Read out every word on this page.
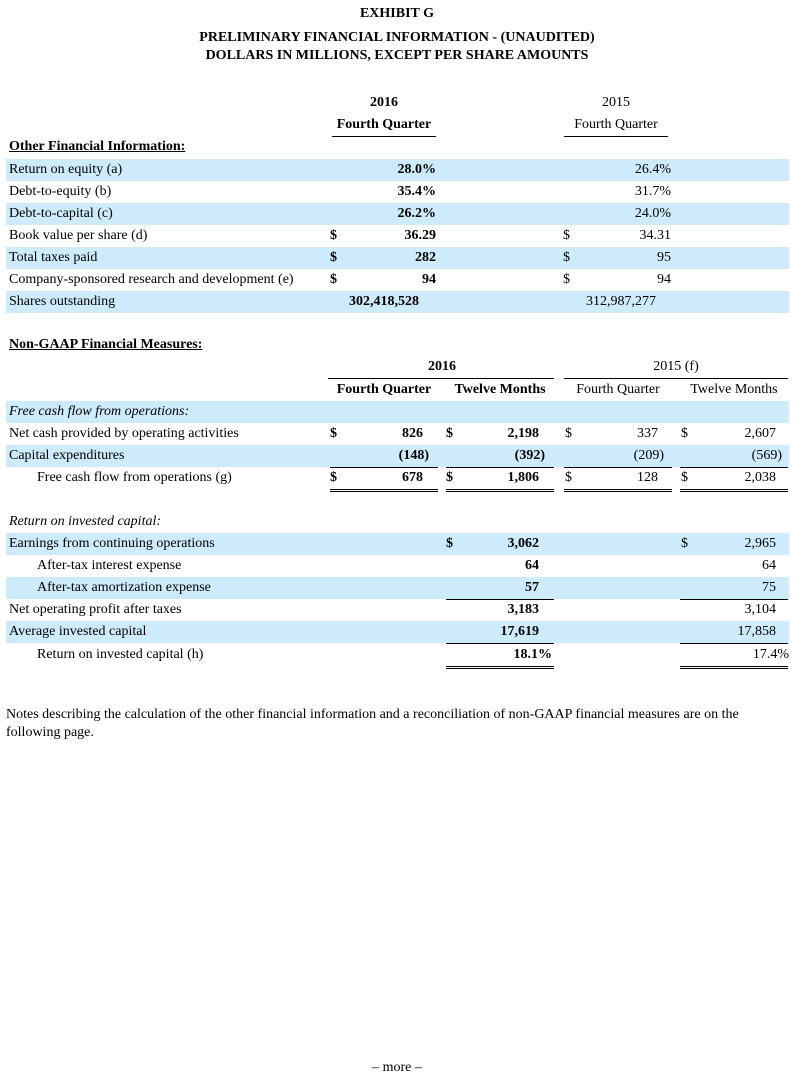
EXHIBIT G
PRELIMINARY FINANCIAL INFORMATION - (UNAUDITED)
DOLLARS IN MILLIONS, EXCEPT PER SHARE AMOUNTS
2016
Fourth Quarter
2015
Fourth Quarter
Other Financial Information:
Return on equity (a)	28.0%	26.4%
Debt-to-equity (b)	35.4%	31.7%
Debt-to-capital (c)	26.2%	24.0%
Book value per share (d)	$	36.29	$	34.31
Total taxes paid	$	282	$	95
Company-sponsored research and development (e)	$	94	$	94
Shares outstanding	302,418,528	312,987,277
Non-GAAP Financial Measures:
2016	2015 (f)
Fourth Quarter	Twelve Months	Fourth Quarter	Twelve Months
Free cash flow from operations:
Net cash provided by operating activities	$	826 $	2,198 $	337 $	2,607
Capital expenditures	(148)	(392)	(209)	(569)
Free cash flow from operations (g)	$	678 $	1,806 $	128 $	2,038
Return on invested capital:
Earnings from continuing operations	$	3,062	$	2,965
After-tax interest expense	64	64
After-tax amortization expense	57	75
Net operating profit after taxes	3,183	3,104
Average invested capital	17,619	17,858
Return on invested capital (h)	18.1%	17.4%
Notes describing the calculation of the other financial information and a reconciliation of non-GAAP financial measures are on the following page.
– more –
